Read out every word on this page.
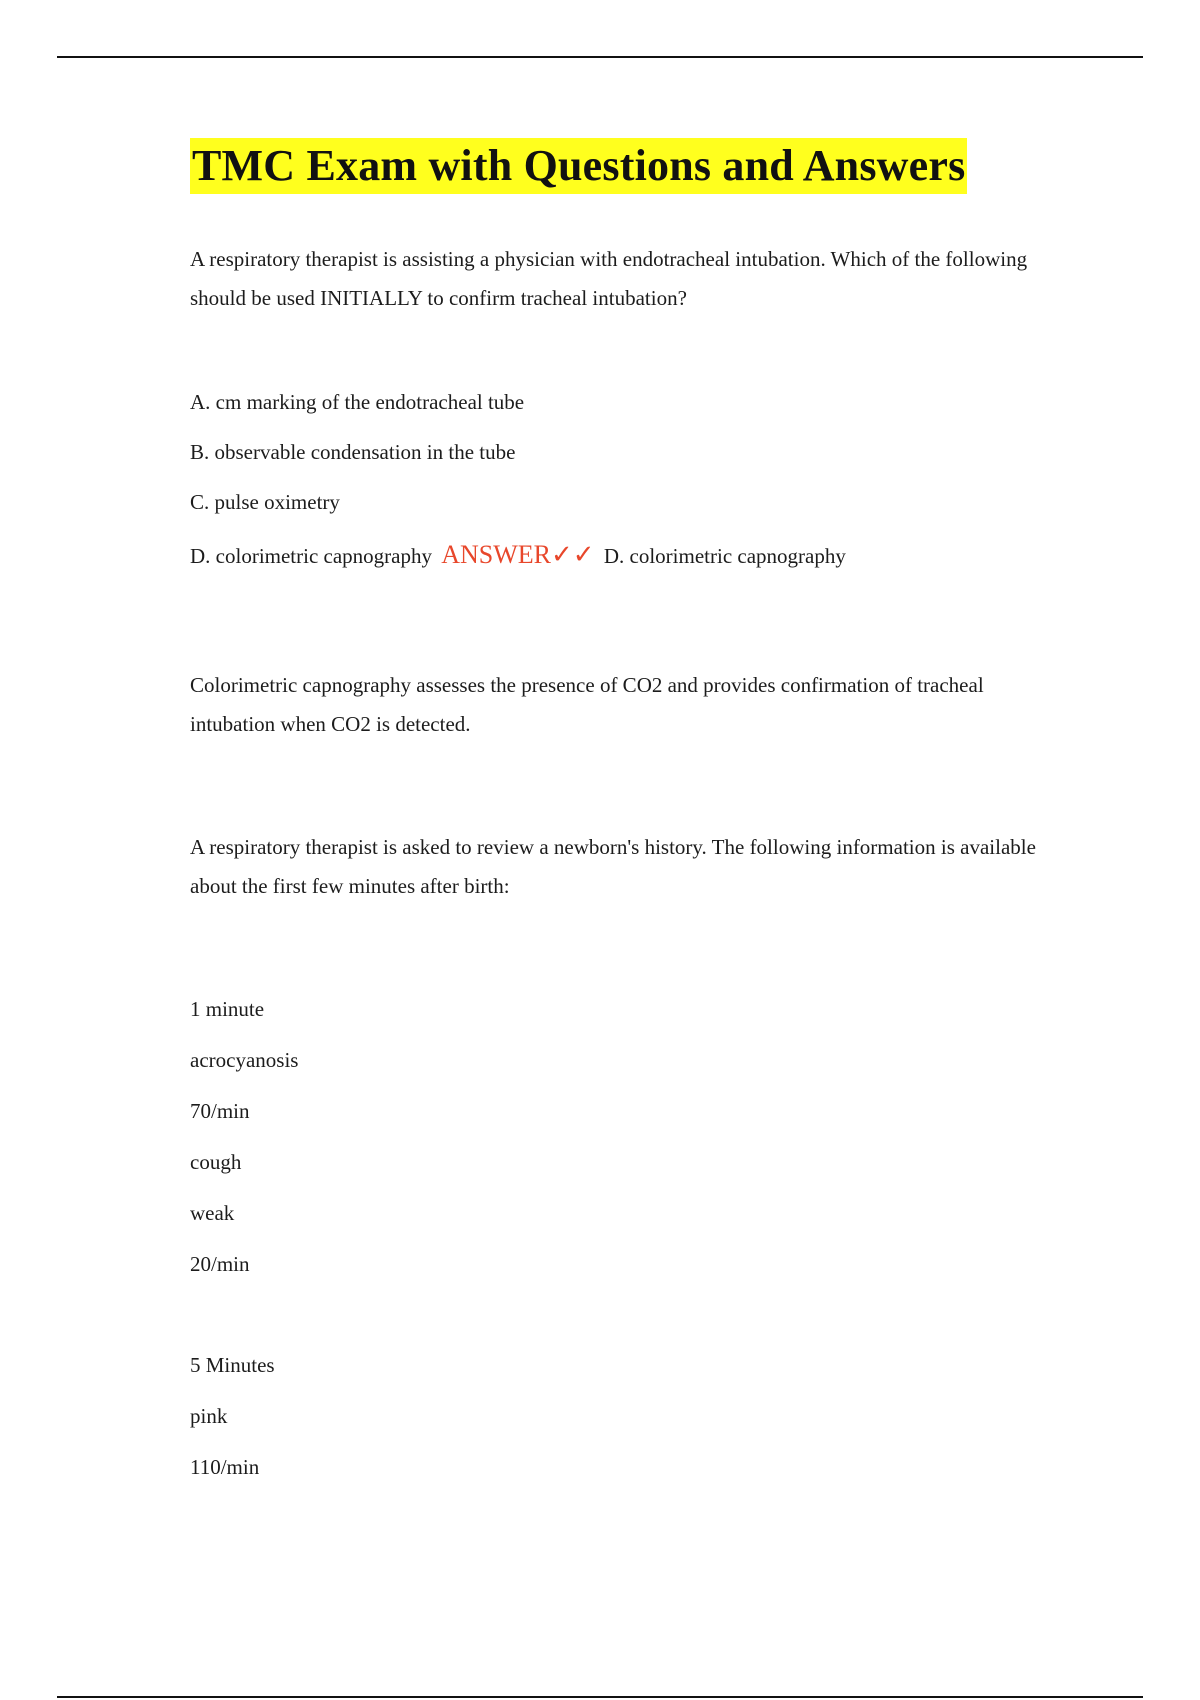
TMC Exam with Questions and Answers

A respiratory therapist is assisting a physician with endotracheal intubation. Which of the following should be used INITIALLY to confirm tracheal intubation?

A. cm marking of the endotracheal tube

B. observable condensation in the tube

C. pulse oximetry

D. colorimetric capnography ANSWER✓✓ D. colorimetric capnography

Colorimetric capnography assesses the presence of CO2 and provides confirmation of tracheal intubation when CO2 is detected.

A respiratory therapist is asked to review a newborn's history. The following information is available about the first few minutes after birth:

1 minute

acrocyanosis

70/min

cough

weak

20/min

5 Minutes

pink

110/min
